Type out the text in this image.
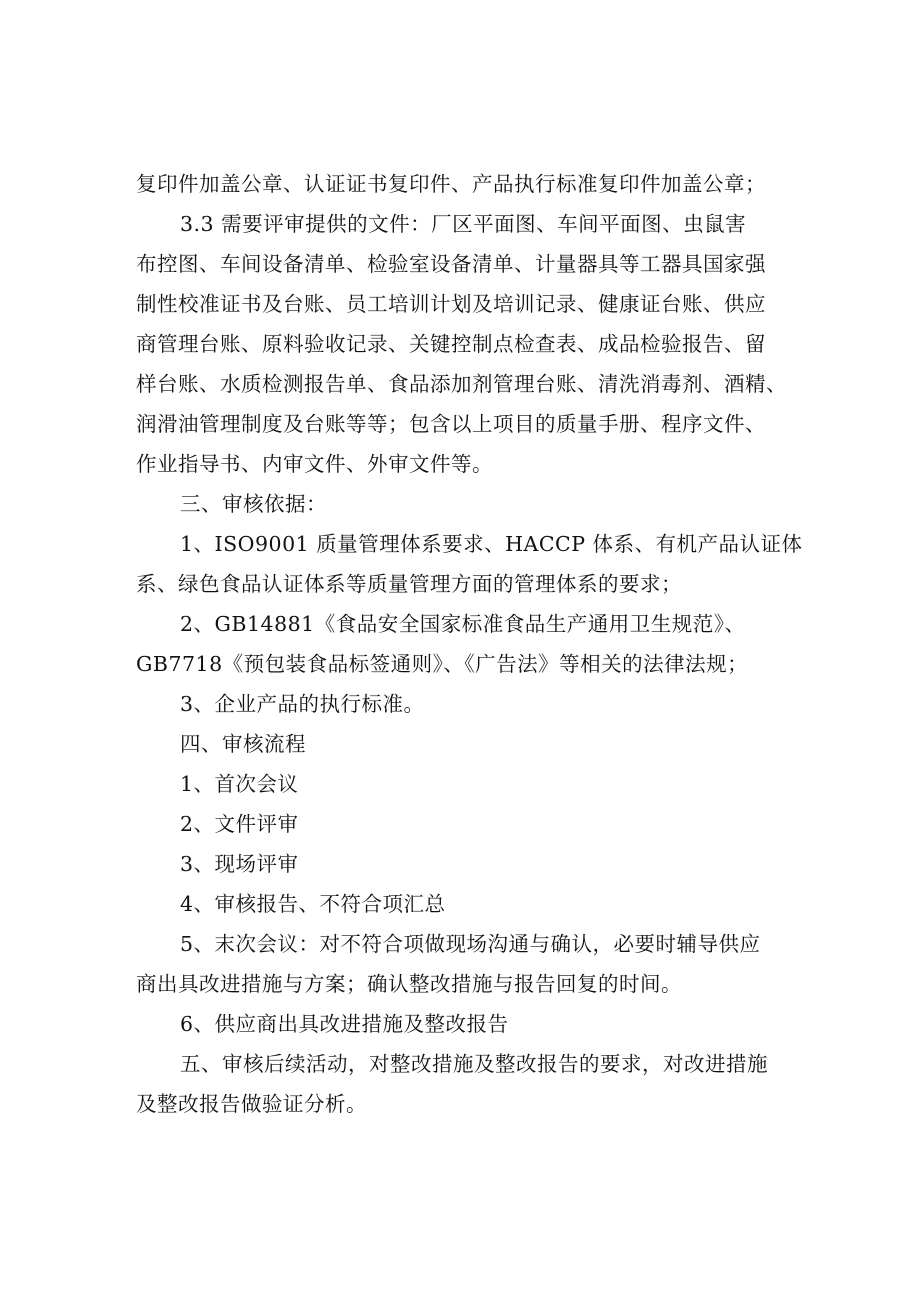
复印件加盖公章、认证证书复印件、产品执行标准复印件加盖公章；
3.3 需要评审提供的文件：厂区平面图、车间平面图、虫鼠害
布控图、车间设备清单、检验室设备清单、计量器具等工器具国家强
制性校准证书及台账、员工培训计划及培训记录、健康证台账、供应
商管理台账、原料验收记录、关键控制点检查表、成品检验报告、留
样台账、水质检测报告单、食品添加剂管理台账、清洗消毒剂、酒精、
润滑油管理制度及台账等等；包含以上项目的质量手册、程序文件、
作业指导书、内审文件、外审文件等。
三、审核依据：
1、ISO9001 质量管理体系要求、HACCP 体系、有机产品认证体
系、绿色食品认证体系等质量管理方面的管理体系的要求；
2、GB14881《食品安全国家标准食品生产通用卫生规范》、
GB7718《预包装食品标签通则》、《广告法》等相关的法律法规；
3、企业产品的执行标准。
四、审核流程
1、首次会议
2、文件评审
3、现场评审
4、审核报告、不符合项汇总
5、末次会议：对不符合项做现场沟通与确认，必要时辅导供应
商出具改进措施与方案；确认整改措施与报告回复的时间。
6、供应商出具改进措施及整改报告
五、审核后续活动，对整改措施及整改报告的要求，对改进措施
及整改报告做验证分析。
